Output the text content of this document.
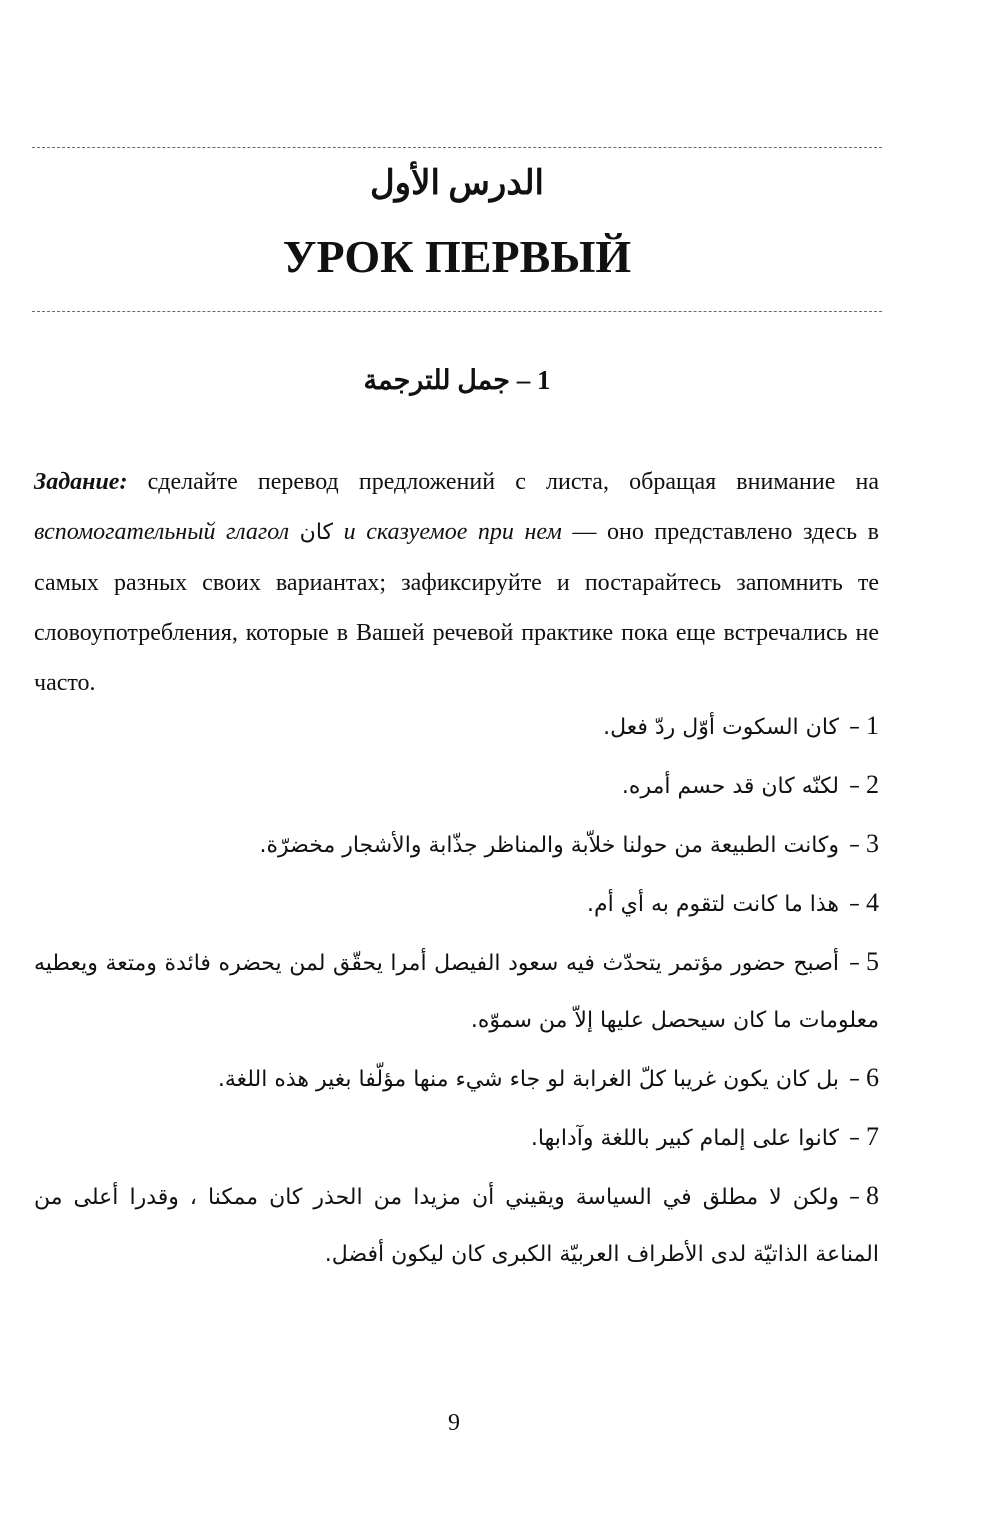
الدرس الأول
УРОК ПЕРВЫЙ
1 – جمل للترجمة

Задание: сделайте перевод предложений с листа, обращая внимание на вспомогательный глагол كان и сказуемое при нем — оно представлено здесь в самых разных своих вариантах; зафиксируйте и постарайтесь запомнить те словоупотребления, которые в Вашей речевой практике пока еще встречались не часто.

1–كان السكوت أوّل ردّ فعل.
2–لكنّه كان قد حسم أمره.
3–وكانت الطبيعة من حولنا خلاّبة والمناظر جذّابة والأشجار مخضرّة.
4–هذا ما كانت لتقوم به أي أم.
5–أصبح حضور مؤتمر يتحدّث فيه سعود الفيصل أمرا يحقّق لمن يحضره فائدة ومتعة ويعطيه معلومات ما كان سيحصل عليها إلاّ من سموّه.
6–بل كان يكون غريبا كلّ الغرابة لو جاء شيء منها مؤلّفا بغير هذه اللغة.
7–كانوا على إلمام كبير باللغة وآدابها.
8–ولكن لا مطلق في السياسة ويقيني أن مزيدا من الحذر كان ممكنا ، وقدرا أعلى من المناعة الذاتيّة لدى الأطراف العربيّة الكبرى كان ليكون أفضل.
9
